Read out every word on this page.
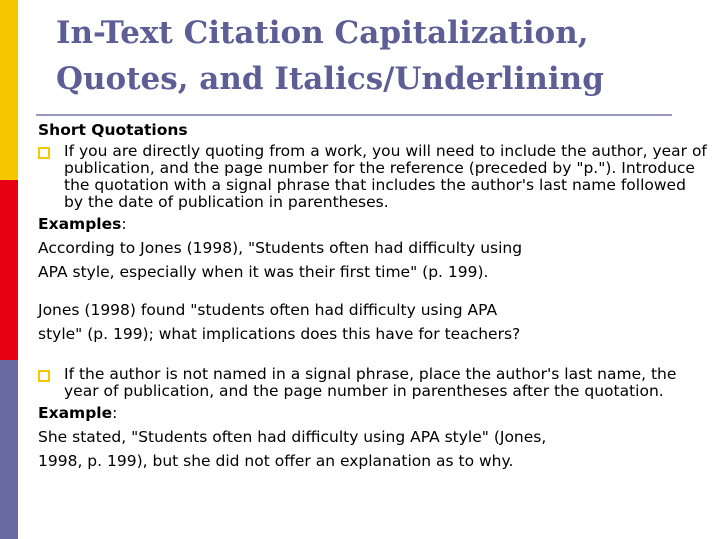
In-Text Citation Capitalization,
Quotes, and Italics/Underlining

Short Quotations

If you are directly quoting from a work, you will need to include the author, year of publication, and the page number for the reference (preceded by "p."). Introduce the quotation with a signal phrase that includes the author's last name followed by the date of publication in parentheses.

Examples:

According to Jones (1998), "Students often had difficulty using
APA style, especially when it was their first time" (p. 199).

Jones (1998) found "students often had difficulty using APA
style" (p. 199); what implications does this have for teachers?

If the author is not named in a signal phrase, place the author's last name, the year of publication, and the page number in parentheses after the quotation.

Example:

She stated, "Students often had difficulty using APA style" (Jones,
1998, p. 199), but she did not offer an explanation as to why.
